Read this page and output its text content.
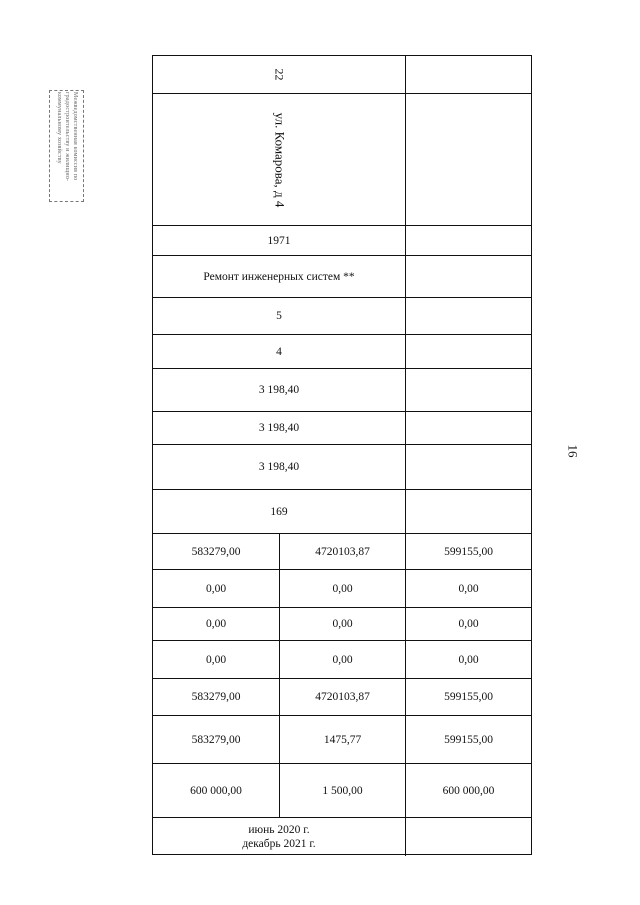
Межведомственная комиссия по градостроительству и жилищно-коммунальному хозяйству
16
22
ул. Комарова, д 4
1971
Ремонт инженерных систем **
5
4
3 198,40
3 198,40
3 198,40
169
583279,00	4720103,87	599155,00
0,00	0,00	0,00
0,00	0,00	0,00
0,00	0,00	0,00
583279,00	4720103,87	599155,00
583279,00	1475,77	599155,00
600 000,00	1 500,00	600 000,00
июнь 2020 г.
декабрь 2021 г.
